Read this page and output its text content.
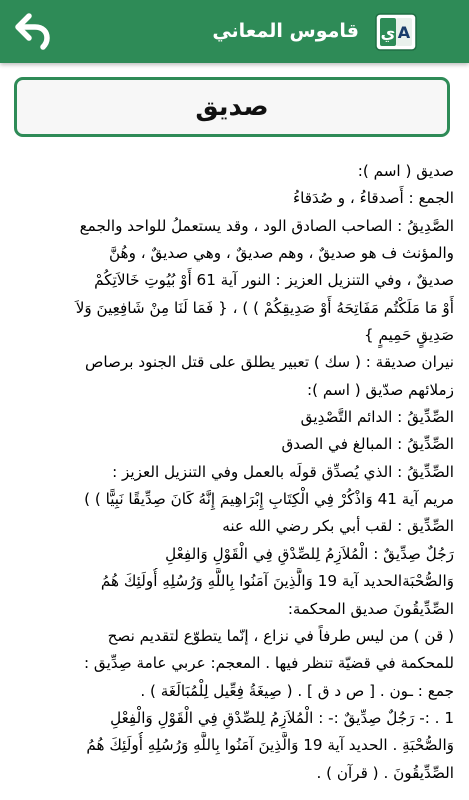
قاموس المعاني ي A
صديق
صديق ( اسم ):
الجمع : أَصدقاءُ ، و صُدَقاءُ
الصَّدِيقُ : الصاحب الصادق الود ، وقد يستعملُ للواحد والجمع
والمؤنث ف هو صديقٌ ، وهم صديقٌ ، وهي صديقٌ ، وهُنَّ
صديقٌ ، وفي التنزيل العزيز : النور آية 61 أَوْ بُيُوتِ خَالاَتِكُمْ
أَوْ مَا مَلَكْتُم مَفَاتِحَهُ أَوْ صَدِيقِكُمْ ) ) ، { فَمَا لَنَا مِنْ شَافِعِينَ وَلاَ
صَدِيقٍ حَمِيمٍ }
نيران صديقة : ( سك ) تعبير يطلق على قتل الجنود برصاص
زملائهم صدّيق ( اسم ):
الصِّدِّيقُ : الدائم التَّصْدِيق
الصِّدِّيقُ : المبالغ في الصدق
الصِّدِّيقُ : الذي يُصدِّق قولَه بالعمل وفي التنزيل العزيز :
مريم آية 41 وَاذْكُرْ فِي الْكِتَابِ إِبْرَاهِيمَ إِنَّهُ كَانَ صِدِّيقًا نَبِيًّا ) )
الصِّدِّيق : لقب أبي بكر رضي الله عنه
رَجُلٌ صِدِّيقٌ : الْمُلاَزِمُ لِلصِّدْقِ فِي الْقَوْلِ وَالفِعْلِ
وَالصُّحْبَةالحديد آية 19 وَالَّذِينَ آمَنُوا بِاللَّهِ وَرُسُلِهِ أُولَئِكَ هُمُ
الصِّدِّيقُونَ صديق المحكمة:
( قن ) من ليس طرفاً في نزاع ، إنّما يتطوّع لتقديم نصح
للمحكمة في قضيّة تنظر فيها . المعجم: عربي عامة صِدِّيق :
جمع : ـون . [ ص د ق ] . ( صِيغَةُ فِعِّيل لِلْمُبَالَغَة ) .
1 . :- رَجُلٌ صِدِّيقٌ :- : الْمُلاَزِمُ لِلصِّدْقِ فِي الْقَوْلِ وَالْفِعْلِ
وَالصُّحْبَةِ . الحديد آية 19 وَالَّذِينَ آمَنُوا بِاللَّهِ وَرُسُلِهِ أُولَئِكَ هُمُ
الصِّدِّيقُونَ . ( قرآن ) .
